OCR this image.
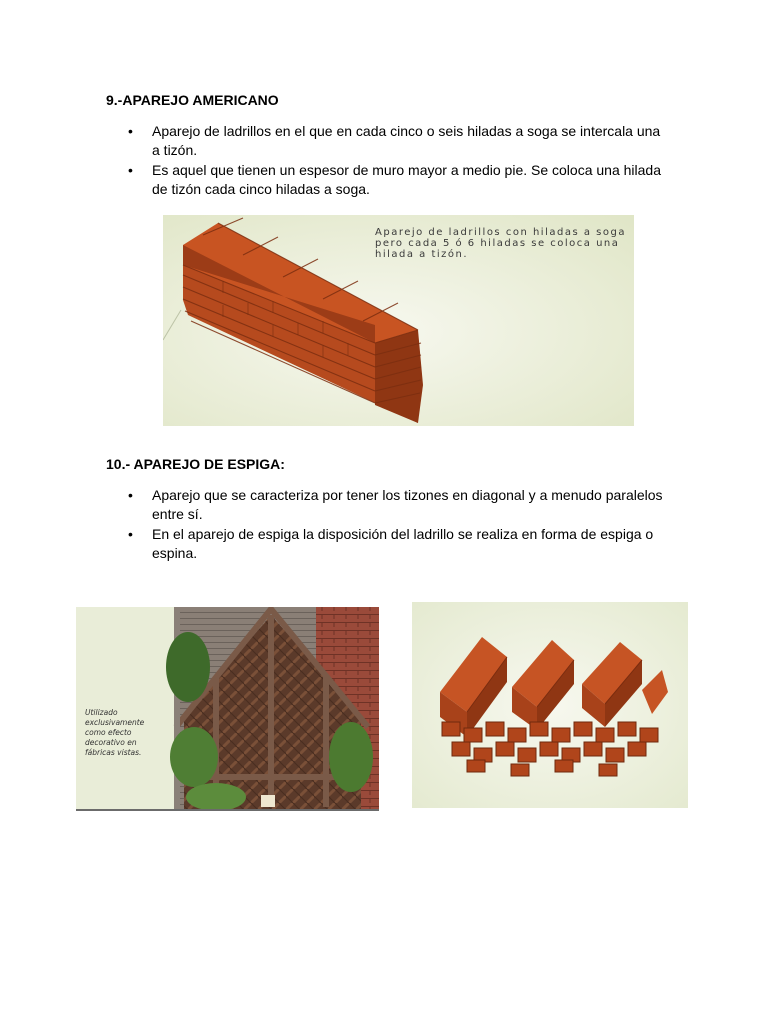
9.-APAREJO AMERICANO
• Aparejo de ladrillos en el que en cada cinco o seis hiladas a soga se intercala una a tizón.
• Es aquel que tienen un espesor de muro mayor a medio pie. Se coloca una hilada de tizón cada cinco hiladas a soga.
Aparejo de ladrillos con hiladas a soga
pero cada 5 ó 6 hiladas se coloca una
hilada a tizón.
10.- APAREJO DE ESPIGA:
• Aparejo que se caracteriza por tener los tizones en diagonal y a menudo paralelos entre sí.
• En el aparejo de espiga la disposición del ladrillo se realiza en forma de espiga o espina.
Utilizado
exclusivamente
como efecto
decorativo en
fábricas vistas.
